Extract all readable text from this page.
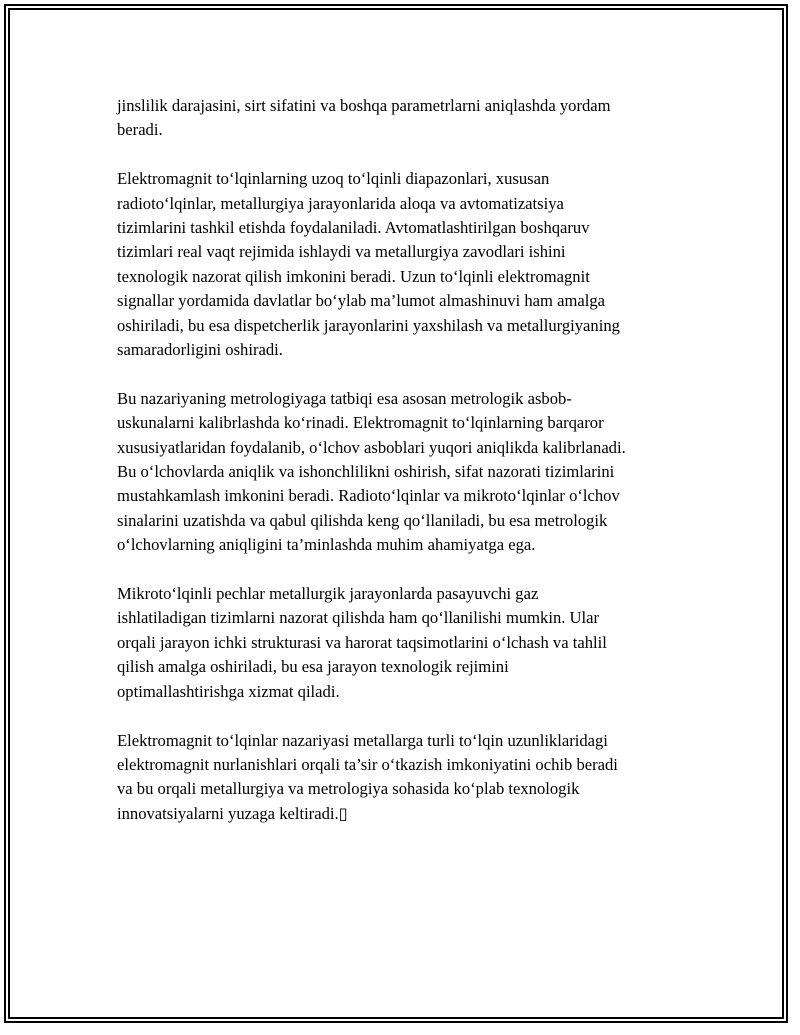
jinslilik darajasini, sirt sifatini va boshqa parametrlarni aniqlashda yordam
beradi.

Elektromagnit to‘lqinlarning uzoq to‘lqinli diapazonlari, xususan
radioto‘lqinlar, metallurgiya jarayonlarida aloqa va avtomatizatsiya
tizimlarini tashkil etishda foydalaniladi. Avtomatlashtirilgan boshqaruv
tizimlari real vaqt rejimida ishlaydi va metallurgiya zavodlari ishini
texnologik nazorat qilish imkonini beradi. Uzun to‘lqinli elektromagnit
signallar yordamida davlatlar bo‘ylab ma’lumot almashinuvi ham amalga
oshiriladi, bu esa dispetcherlik jarayonlarini yaxshilash va metallurgiyaning
samaradorligini oshiradi.

Bu nazariyaning metrologiyaga tatbiqi esa asosan metrologik asbob-
uskunalarni kalibrlashda ko‘rinadi. Elektromagnit to‘lqinlarning barqaror
xususiyatlaridan foydalanib, o‘lchov asboblari yuqori aniqlikda kalibrlanadi.
Bu o‘lchovlarda aniqlik va ishonchlilikni oshirish, sifat nazorati tizimlarini
mustahkamlash imkonini beradi. Radioto‘lqinlar va mikroto‘lqinlar o‘lchov
sinalarini uzatishda va qabul qilishda keng qo‘llaniladi, bu esa metrologik
o‘lchovlarning aniqligini ta’minlashda muhim ahamiyatga ega.

Mikroto‘lqinli pechlar metallurgik jarayonlarda pasayuvchi gaz
ishlatiladigan tizimlarni nazorat qilishda ham qo‘llanilishi mumkin. Ular
orqali jarayon ichki strukturasi va harorat taqsimotlarini o‘lchash va tahlil
qilish amalga oshiriladi, bu esa jarayon texnologik rejimini
optimallashtirishga xizmat qiladi.

Elektromagnit to‘lqinlar nazariyasi metallarga turli to‘lqin uzunliklaridagi
elektromagnit nurlanishlari orqali ta’sir o‘tkazish imkoniyatini ochib beradi
va bu orqali metallurgiya va metrologiya sohasida ko‘plab texnologik
innovatsiyalarni yuzaga keltiradi.▯
